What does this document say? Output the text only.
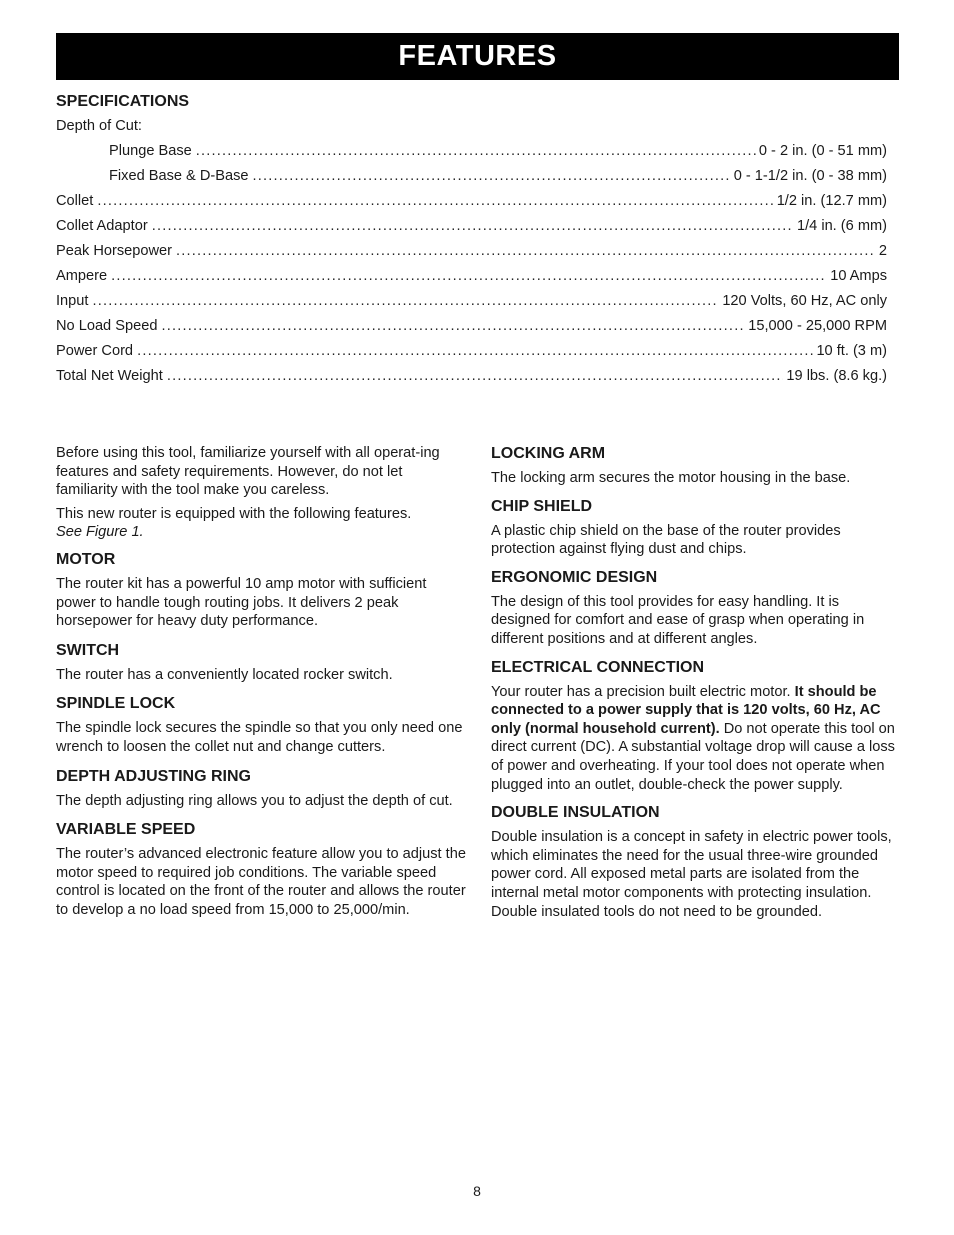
FEATURES
SPECIFICATIONS
Depth of Cut:
Plunge Base .....	0 - 2 in. (0 - 51 mm)
Fixed Base & D-Base .....	0 - 1-1/2 in. (0 - 38 mm)
Collet .....	1/2 in. (12.7 mm)
Collet Adaptor .....	1/4 in. (6 mm)
Peak Horsepower .....	2
Ampere .....	10 Amps
Input .....	120 Volts, 60 Hz, AC only
No Load Speed .....	15,000 - 25,000 RPM
Power Cord .....	10 ft. (3 m)
Total Net Weight .....	19 lbs. (8.6 kg.)

Before using this tool, familiarize yourself with all operat-ing features and safety requirements. However, do not let familiarity with the tool make you careless.

This new router is equipped with the following features.
See Figure 1.

MOTOR

The router kit has a powerful 10 amp motor with sufficient power to handle tough routing jobs. It delivers 2 peak horsepower for heavy duty performance.

SWITCH

The router has a conveniently located rocker switch.

SPINDLE LOCK

The spindle lock secures the spindle so that you only need one wrench to loosen the collet nut and change cutters.

DEPTH ADJUSTING RING

The depth adjusting ring allows you to adjust the depth of cut.

VARIABLE SPEED

The router’s advanced electronic feature allow you to adjust the motor speed to required job conditions. The variable speed control is located on the front of the router and allows the router to develop a no load speed from 15,000 to 25,000/min.

LOCKING ARM

The locking arm secures the motor housing in the base.

CHIP SHIELD

A plastic chip shield on the base of the router provides protection against flying dust and chips.

ERGONOMIC DESIGN

The design of this tool provides for easy handling. It is designed for comfort and ease of grasp when operating in different positions and at different angles.

ELECTRICAL CONNECTION

Your router has a precision built electric motor. It should be connected to a power supply that is 120 volts, 60 Hz, AC only (normal household current). Do not operate this tool on direct current (DC). A substantial voltage drop will cause a loss of power and overheating. If your tool does not operate when plugged into an outlet, double-check the power supply.

DOUBLE INSULATION

Double insulation is a concept in safety in electric power tools, which eliminates the need for the usual three-wire grounded power cord. All exposed metal parts are isolated from the internal metal motor components with protecting insulation. Double insulated tools do not need to be grounded.

8
